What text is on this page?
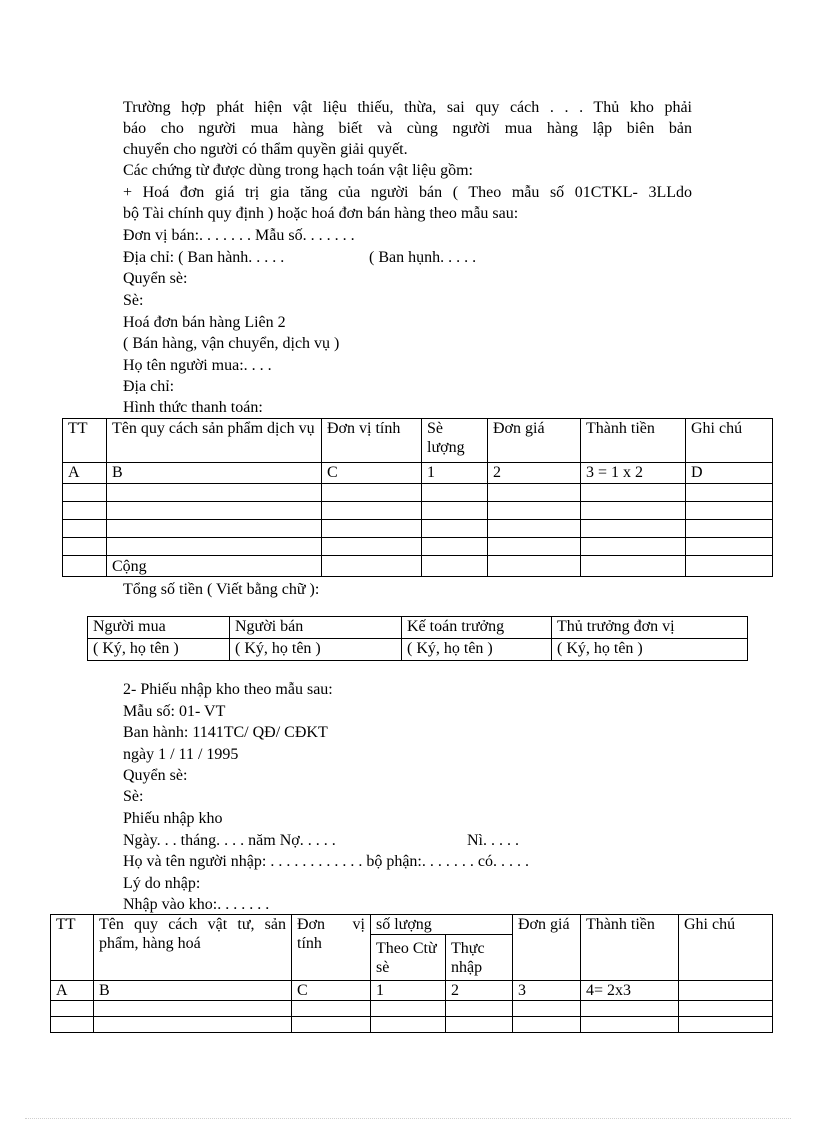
Trường hợp phát hiện vật liệu thiếu, thừa, sai quy cách . . . Thủ kho phải
báo cho người mua hàng biết và cùng người mua hàng lập biên bản
chuyển cho người có thẩm quyền giải quyết.
Các chứng từ được dùng trong hạch toán vật liệu gồm:
+ Hoá đơn giá trị gia tăng của người bán ( Theo mẫu số 01CTKL- 3LLdo
bộ Tài chính quy định ) hoặc hoá đơn bán hàng theo mẫu sau:
Đơn vị bán:. . . . . . . Mẫu số. . . . . . .
Địa chỉ: ( Ban hành. . . . .	( Ban hụnh. . . . .
Quyển sè:
Sè:
Hoá đơn bán hàng Liên 2
( Bán hàng, vận chuyển, dịch vụ )
Họ tên người mua:. . . .
Địa chỉ:
Hình thức thanh toán:
TT	Tên quy cách sản phẩm dịch vụ	Đơn vị tính	Sè lượng	Đơn giá	Thành tiền	Ghi chú
A	B	C	1	2	3 = 1 x 2	D

	Cộng					
Tổng số tiền ( Viết bằng chữ ):
Người mua	Người bán	Kế toán trưởng	Thủ trưởng đơn vị
( Ký, họ tên )	( Ký, họ tên )	( Ký, họ tên )	( Ký, họ tên )
2- Phiếu nhập kho theo mẫu sau:
Mẫu số: 01- VT
Ban hành: 1141TC/ QĐ/ CĐKT
ngày 1 / 11 / 1995
Quyển sè:
Sè:
Phiếu nhập kho
Ngày. . . tháng. . . . năm Nợ. . . . .	Nì. . . . .
Họ và tên người nhập: . . . . . . . . . . . . bộ phận:. . . . . . . có. . . . .
Lý do nhập:
Nhập vào kho:. . . . . . .
TT	Tên quy cách vật tư, sản phẩm, hàng hoá	Đơn vị tính	số lượng		Đơn giá	Thành tiền	Ghi chú
			Theo Ctừ sè	Thực nhập			
A	B	C	1	2	3	4= 2x3	
